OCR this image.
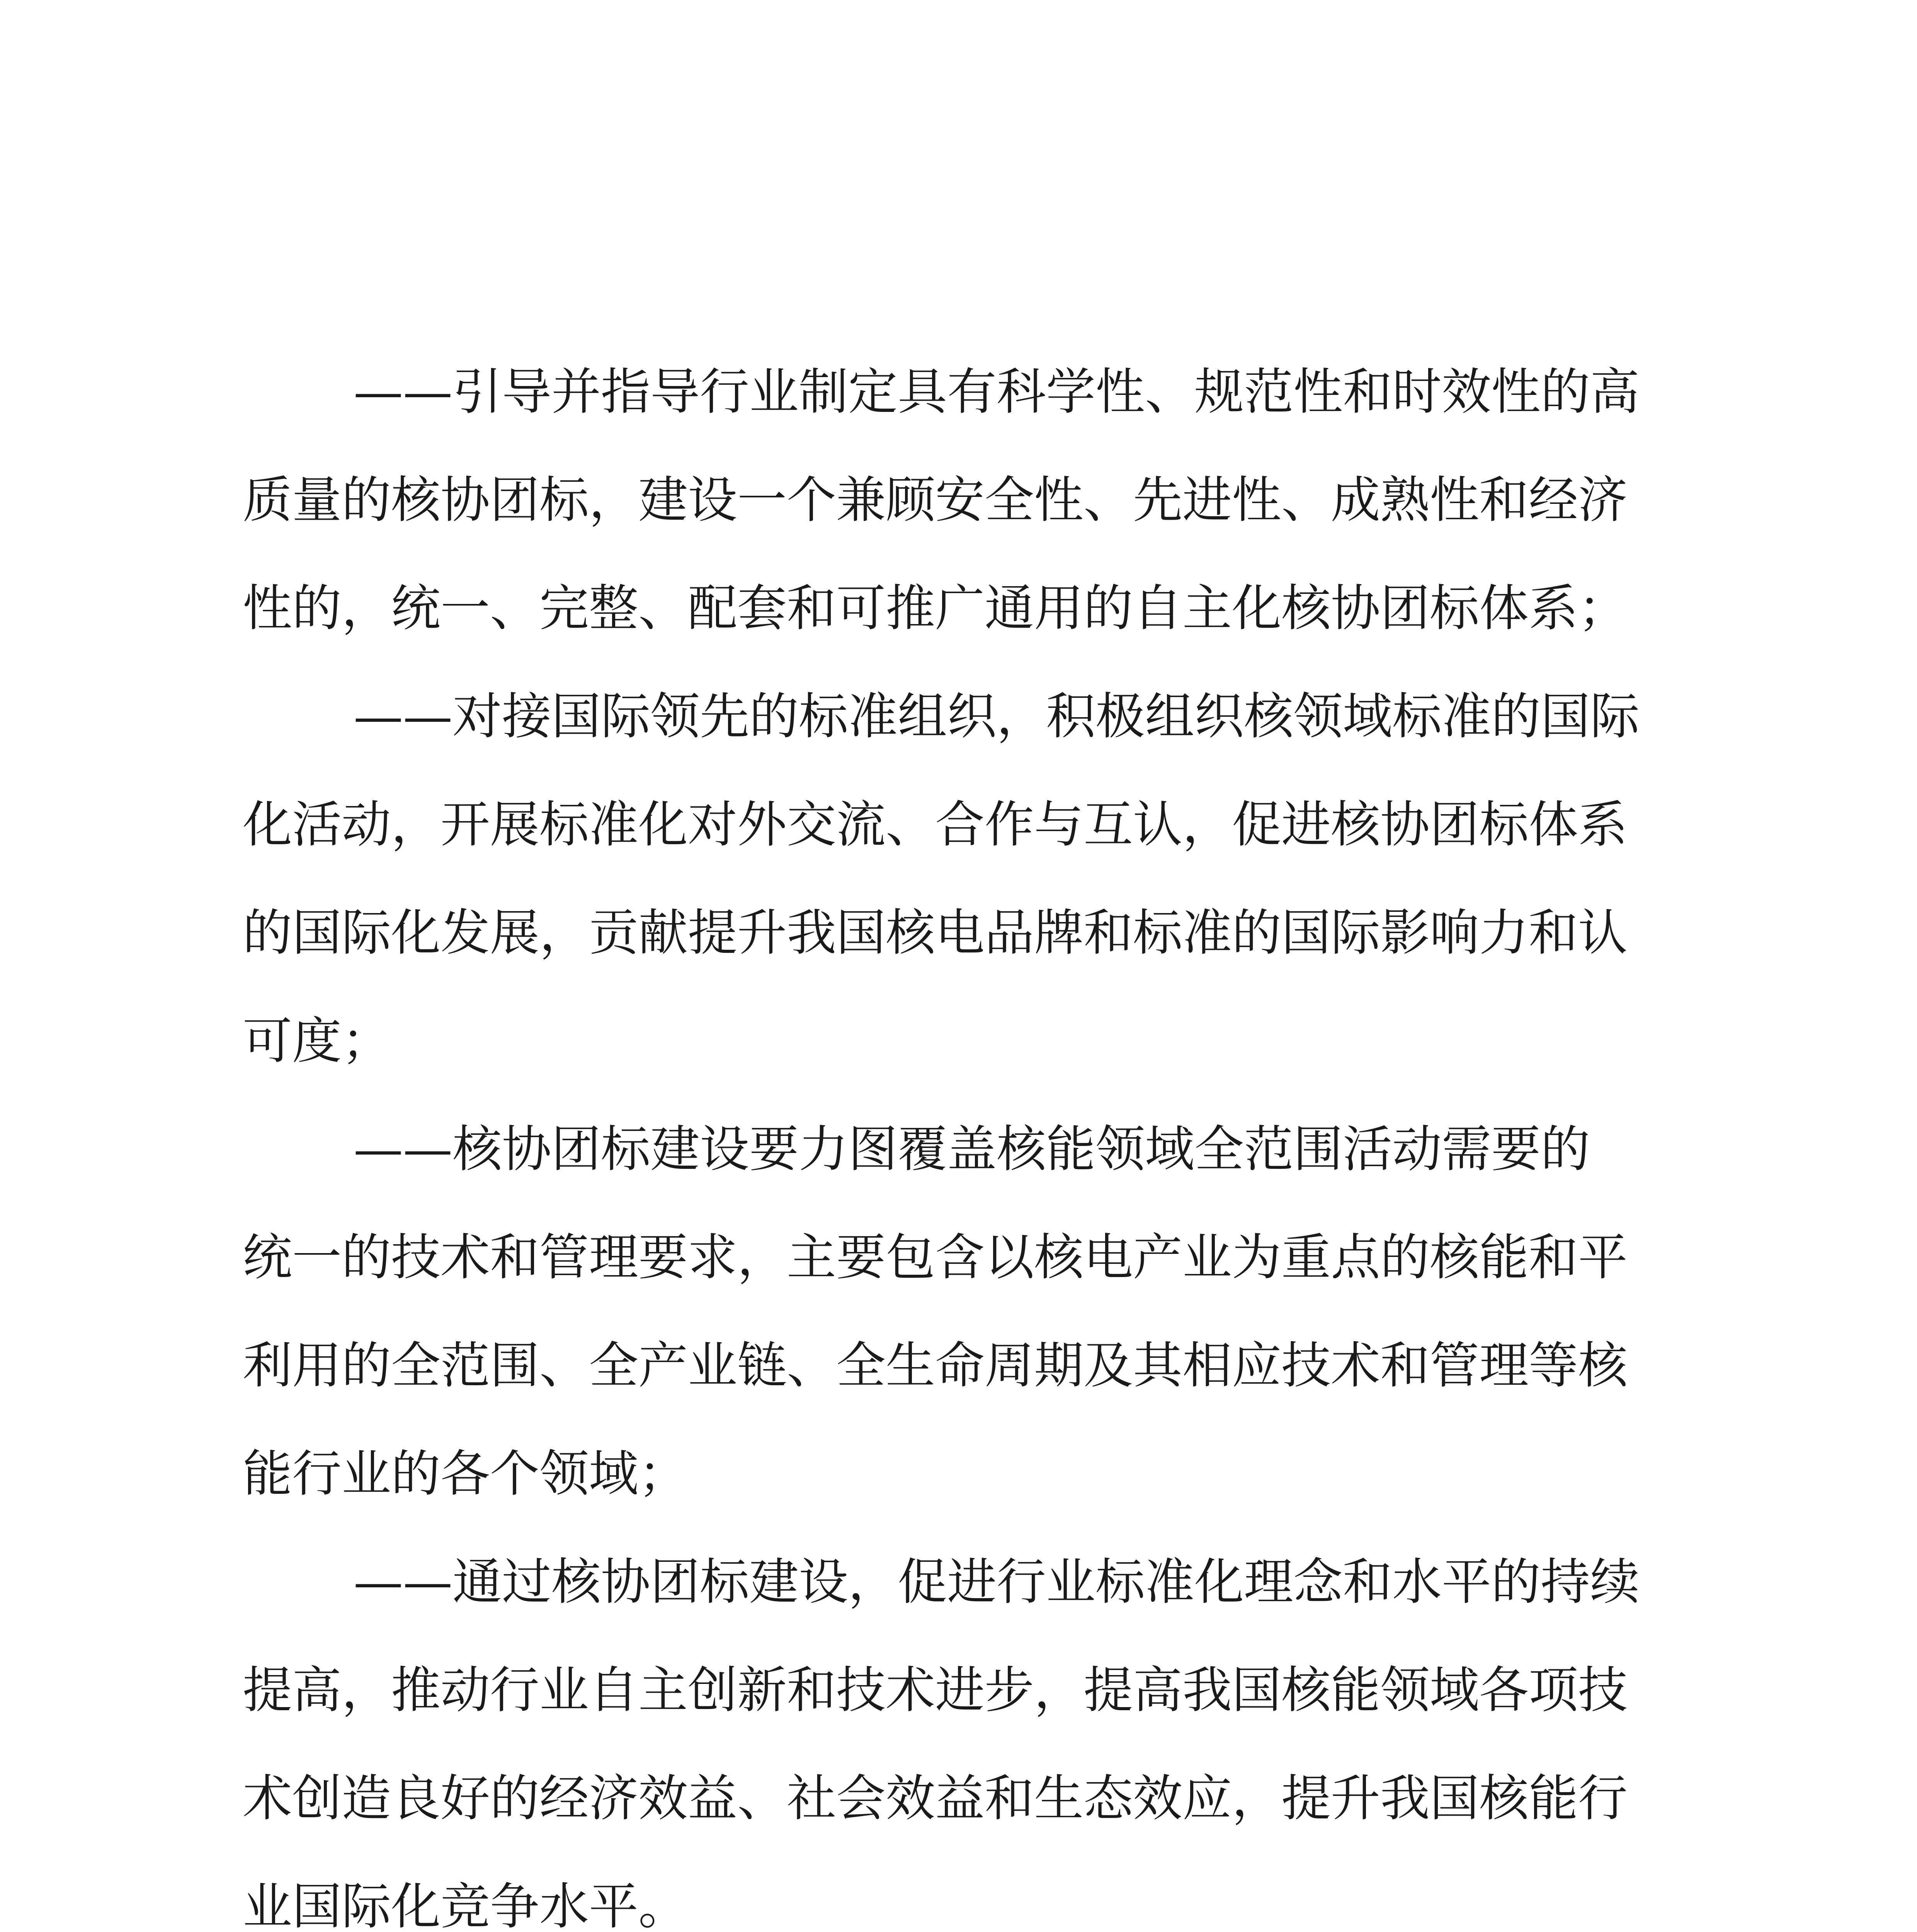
——引导并指导行业制定具有科学性、规范性和时效性的高

质量的核协团标，建设一个兼顾安全性、先进性、成熟性和经济

性的，统一、完整、配套和可推广通用的自主化核协团标体系；

——对接国际领先的标准组织，积极组织核领域标准的国际

化活动，开展标准化对外交流、合作与互认，促进核协团标体系

的国际化发展，贡献提升我国核电品牌和标准的国际影响力和认

可度；

——核协团标建设要力图覆盖核能领域全范围活动需要的

统一的技术和管理要求，主要包含以核电产业为重点的核能和平

利用的全范围、全产业链、全生命周期及其相应技术和管理等核

能行业的各个领域；

——通过核协团标建设，促进行业标准化理念和水平的持续

提高，推动行业自主创新和技术进步，提高我国核能领域各项技

术创造良好的经济效益、社会效益和生态效应，提升我国核能行

业国际化竞争水平。
